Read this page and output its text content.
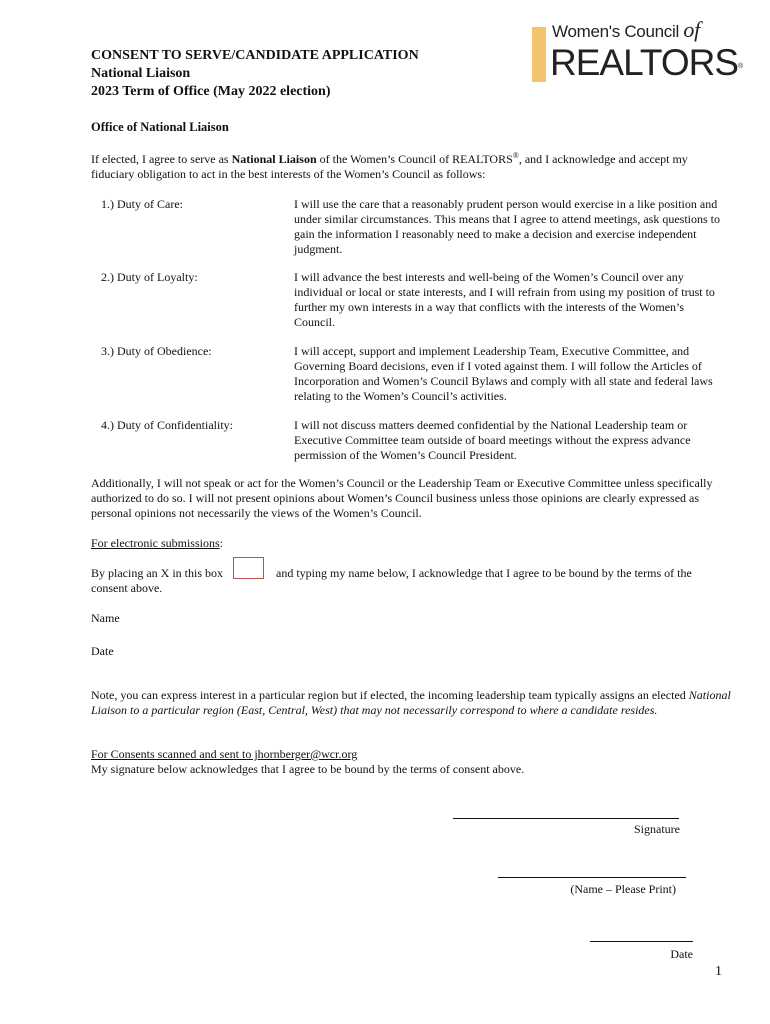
CONSENT TO SERVE/CANDIDATE APPLICATION
National Liaison
2023 Term of Office (May 2022 election)
Women's Council of
REALTORS®
Office of National Liaison
If elected, I agree to serve as National Liaison of the Women’s Council of REALTORS®, and I acknowledge and accept my fiduciary obligation to act in the best interests of the Women’s Council as follows:
1.) Duty of Care:	I will use the care that a reasonably prudent person would exercise in a like position and under similar circumstances. This means that I agree to attend meetings, ask questions to gain the information I reasonably need to make a decision and exercise independent judgment.
2.) Duty of Loyalty:	I will advance the best interests and well-being of the Women’s Council over any individual or local or state interests, and I will refrain from using my position of trust to further my own interests in a way that conflicts with the interests of the Women’s Council.
3.) Duty of Obedience:	I will accept, support and implement Leadership Team, Executive Committee, and Governing Board decisions, even if I voted against them. I will follow the Articles of Incorporation and Women’s Council Bylaws and comply with all state and federal laws relating to the Women’s Council’s activities.
4.) Duty of Confidentiality:	I will not discuss matters deemed confidential by the National Leadership team or Executive Committee team outside of board meetings without the express advance permission of the Women’s Council President.
Additionally, I will not speak or act for the Women’s Council or the Leadership Team or Executive Committee unless specifically authorized to do so. I will not present opinions about Women’s Council business unless those opinions are clearly expressed as personal opinions not necessarily the views of the Women’s Council.
For electronic submissions:
By placing an X in this box	and typing my name below, I acknowledge that I agree to be bound by the terms of the
consent above.
Name
Date
Note, you can express interest in a particular region but if elected, the incoming leadership team typically assigns an elected National Liaison to a particular region (East, Central, West) that may not necessarily correspond to where a candidate resides.
For Consents scanned and sent to jhornberger@wcr.org
My signature below acknowledges that I agree to be bound by the terms of consent above.
Signature
(Name – Please Print)
Date
1
